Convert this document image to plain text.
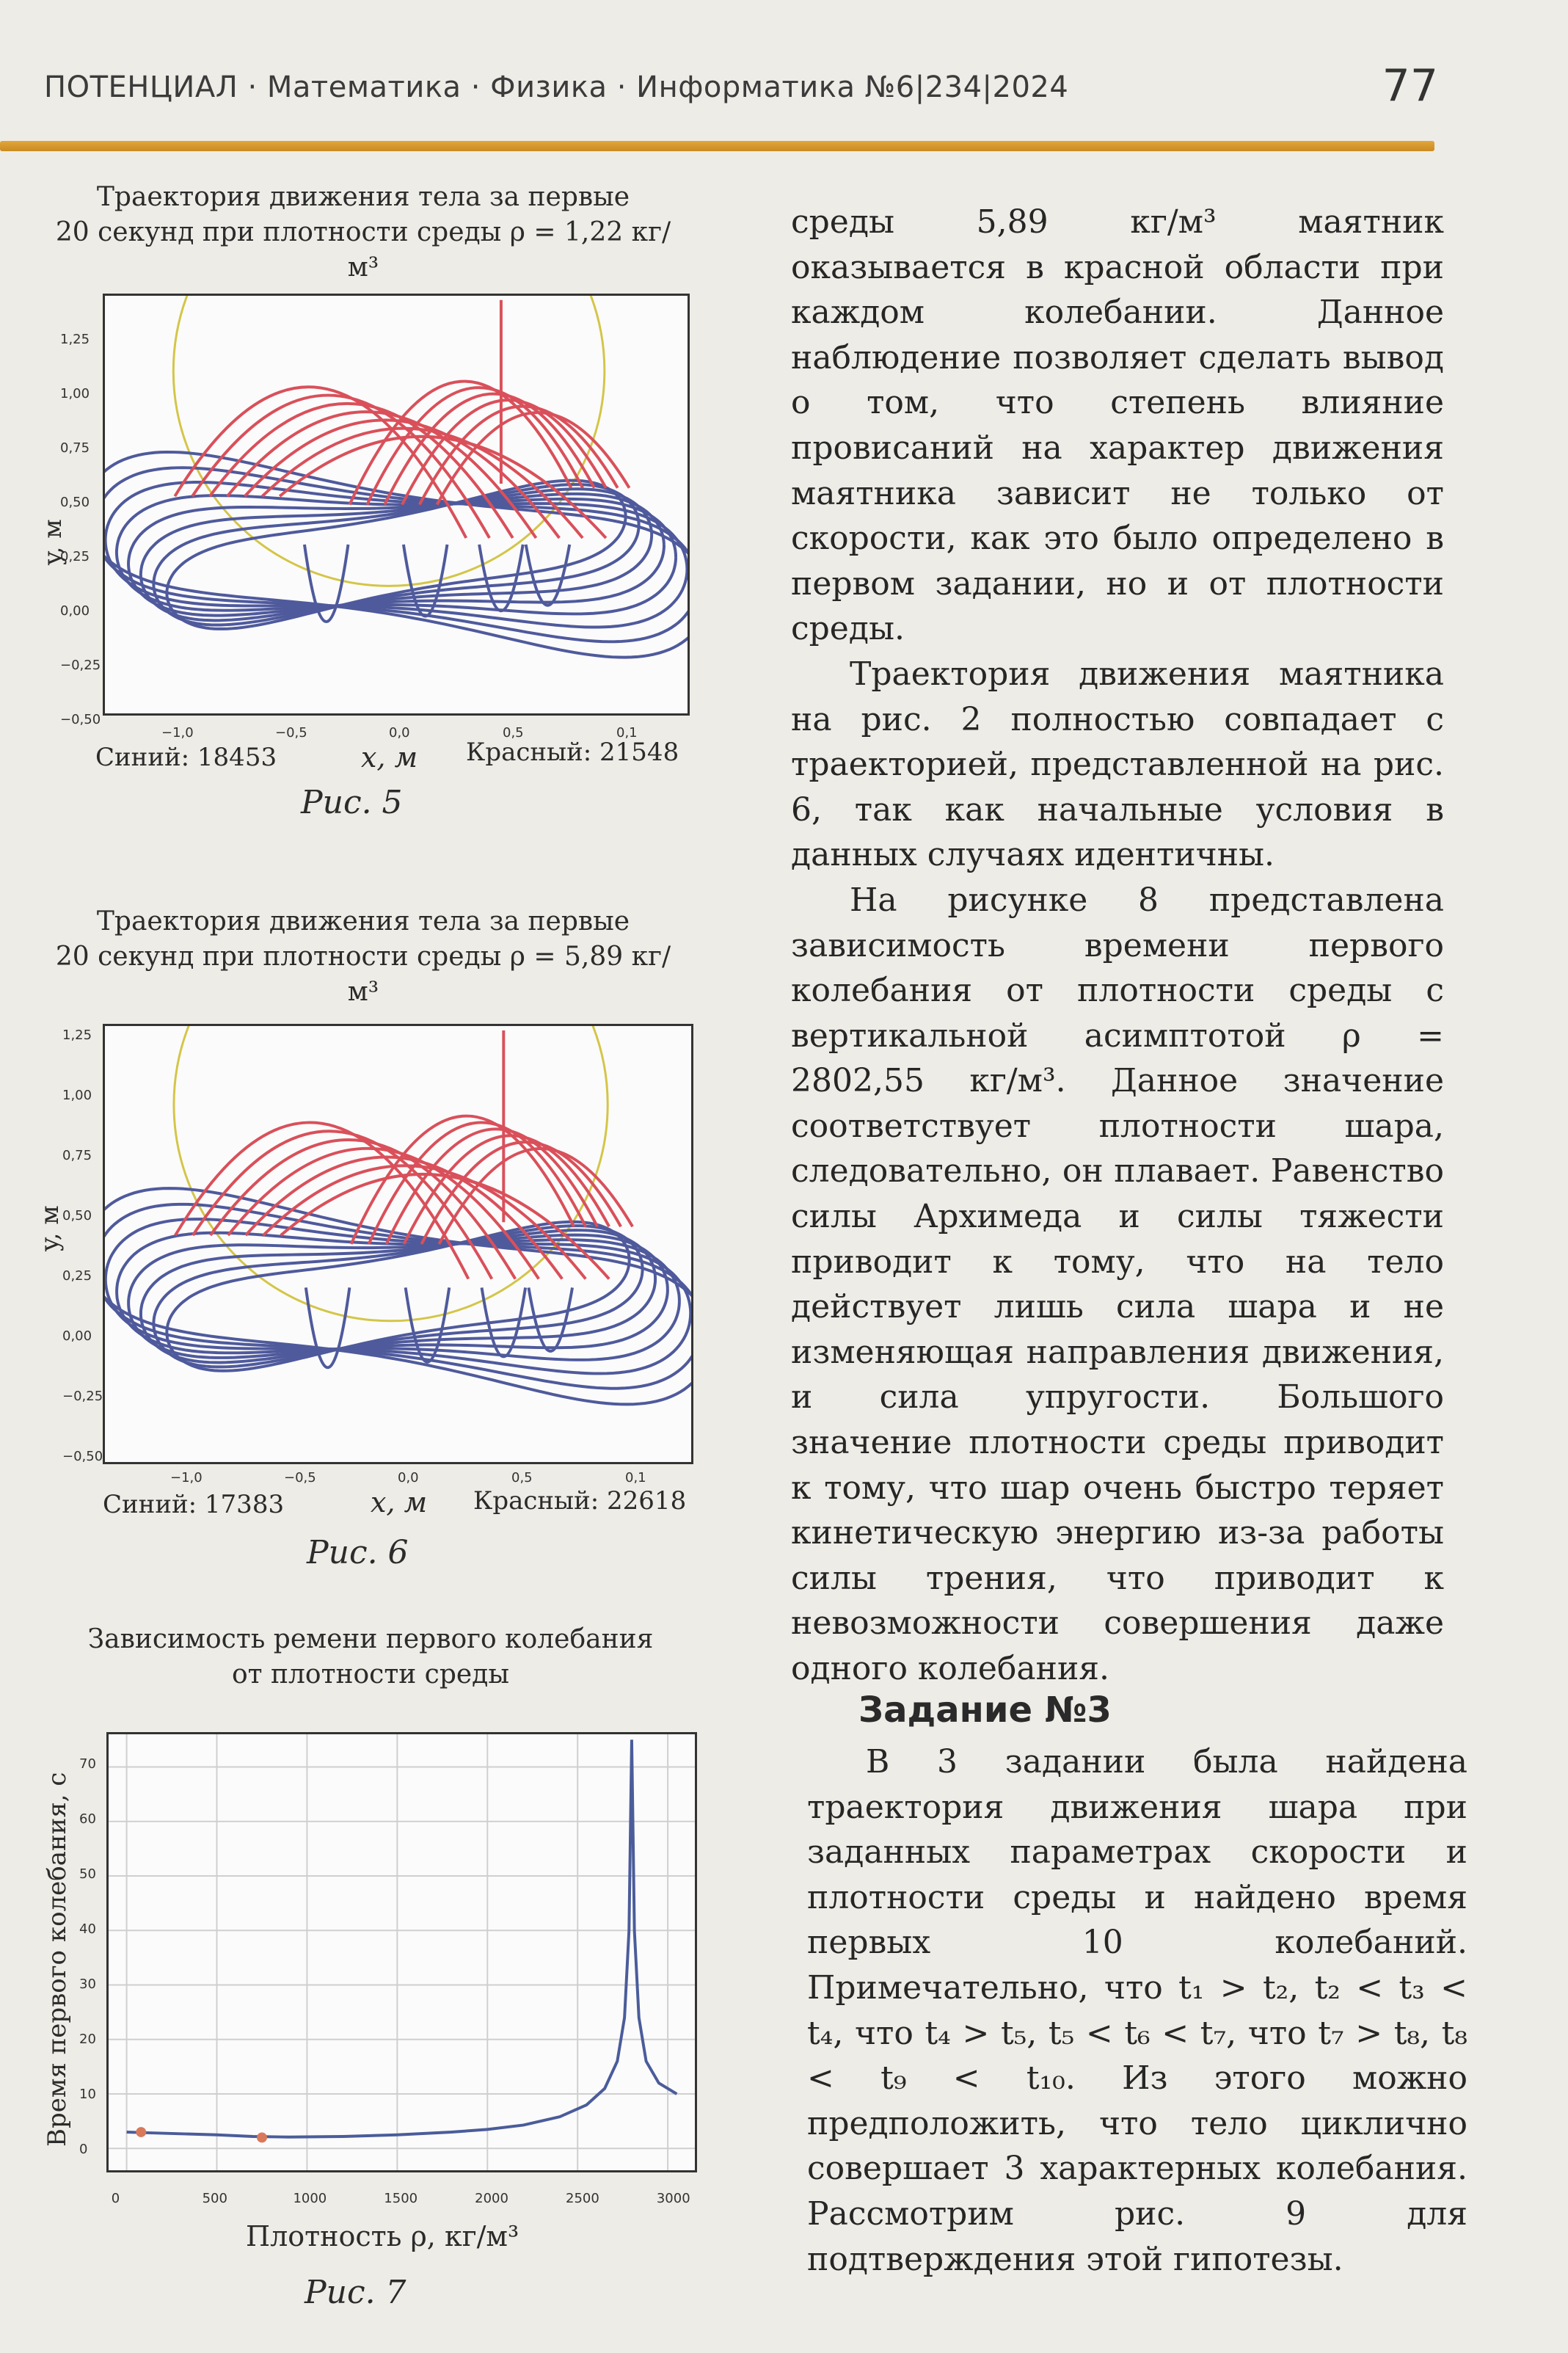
ПОТЕНЦИАЛ · Математика · Физика · Информатика №6|234|2024	77
Траектория движения тела за первые
20 секунд при плотности среды ρ = 1,22 кг/м³
1,25
1,00
0,75
0,50
0,25
0,00
−0,25
−0,50
−1,0	−0,5	0,0	0,5	0,1
y, м
Синий: 18453	x, м Красный: 21548
Рис. 5
Траектория движения тела за первые
20 секунд при плотности среды ρ = 5,89 кг/м³
1,25
1,00
0,75
0,50
0,25
0,00
−0,25
−0,50
−1,0	−0,5	0,0	0,5	0,1
y, м
Синий: 17383	x, м Красный: 22618
Рис. 6
Зависимость ремени первого колебания
от плотности среды
70
60
50
40
30
20
10
0
0	500	1000	1500	2000	2500	3000
Время первого колебания, с
Плотность ρ, кг/м³
Рис. 7

среды 5,89 кг/м³ маятник оказывается в красной области при каждом колебании. Данное наблюдение позволяет сделать вывод о том, что степень влияние провисаний на характер движения маятника зависит не только от скорости, как это было определено в первом задании, но и от плотности среды.

Траектория движения маятника на рис. 2 полностью совпадает с траекторией, представленной на рис. 6, так как начальные условия в данных случаях идентичны.

На рисунке 8 представлена зависимость времени первого колебания от плотности среды с вертикальной асимптотой ρ = 2802,55 кг/м³. Данное значение соответствует плотности шара, следовательно, он плавает. Равенство силы Архимеда и силы тяжести приводит к тому, что на тело действует лишь сила шара и не изменяющая направления движения, и сила упругости. Большого значение плотности среды приводит к тому, что шар очень быстро теряет кинетическую энергию из-за работы силы трения, что приводит к невозможности совершения даже одного колебания.

Задание №3

В 3 задании была найдена траектория движения шара при заданных параметрах скорости и плотности среды и найдено время первых 10 колебаний. Примечательно, что t₁ > t₂, t₂ < t₃ < t₄, что t₄ > t₅, t₅ < t₆ < t₇, что t₇ > t₈, t₈ < t₉ < t₁₀. Из этого можно предположить, что тело циклично совершает 3 характерных колебания. Рассмотрим рис. 9 для подтверждения этой гипотезы.
